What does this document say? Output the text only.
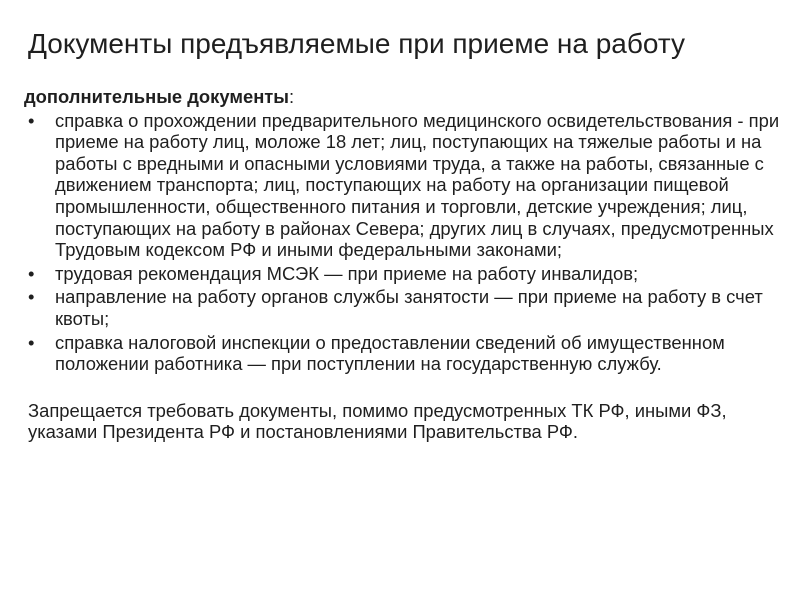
Документы предъявляемые при приеме на работу
дополнительные документы:
• справка о прохождении предварительного медицинского освидетельствования - при приеме на работу лиц, моложе 18 лет; лиц, поступающих на тяжелые работы и на работы с вредными и опасными условиями труда, а также на работы, связанные с движением транспорта; лиц, поступающих на работу на организации пищевой промышленности, общественного питания и торговли, детские учреждения; лиц, поступающих на работу в районах Севера; других лиц в случаях, предусмотренных Трудовым кодексом РФ и иными федеральными законами;
• трудовая рекомендация МСЭК — при приеме на работу инвалидов;
• направление на работу органов службы занятости — при приеме на работу в счет квоты;
• справка налоговой инспекции о предоставлении сведений об имущественном положении работника — при поступлении на государственную службу.
Запрещается требовать документы, помимо предусмотренных ТК РФ, иными ФЗ, указами Президента РФ и постановлениями Правительства РФ.
